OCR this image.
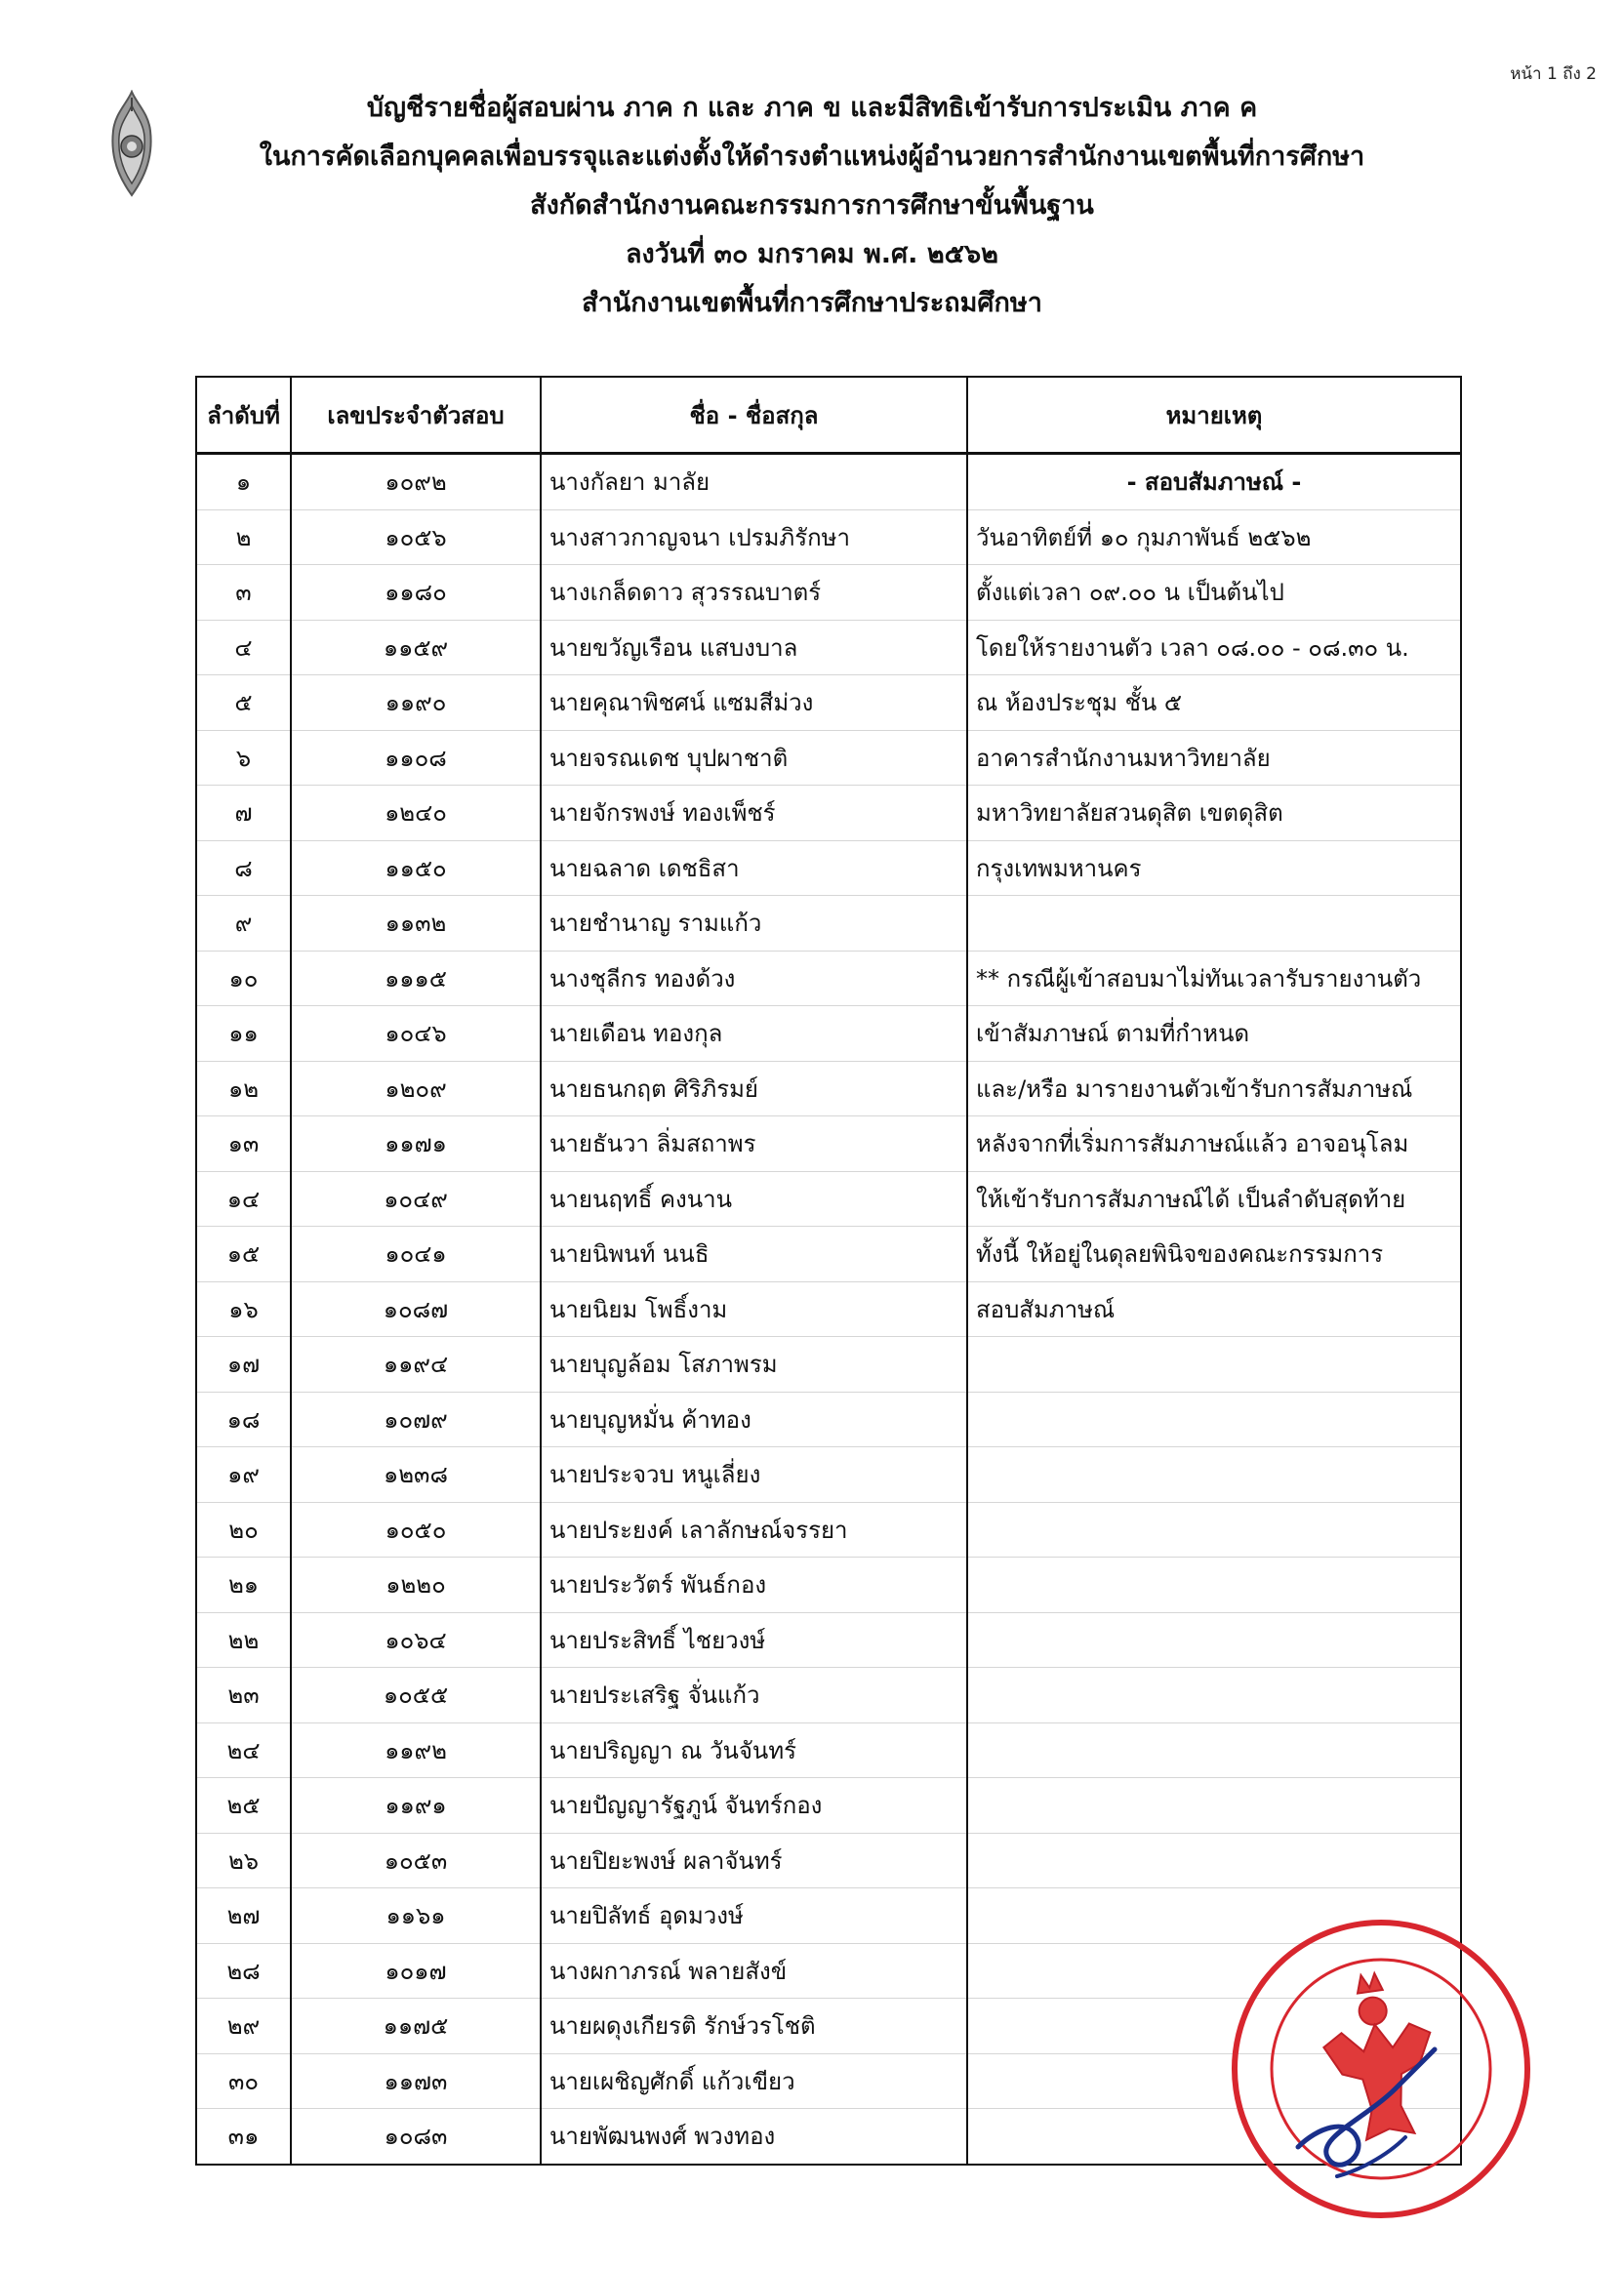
หน้า 1 ถึง 2
บัญชีรายชื่อผู้สอบผ่าน ภาค ก และ ภาค ข และมีสิทธิเข้ารับการประเมิน ภาค ค
ในการคัดเลือกบุคคลเพื่อบรรจุและแต่งตั้งให้ดำรงตำแหน่งผู้อำนวยการสำนักงานเขตพื้นที่การศึกษา
สังกัดสำนักงานคณะกรรมการการศึกษาขั้นพื้นฐาน
ลงวันที่ ๓๐ มกราคม พ.ศ. ๒๕๖๒
สำนักงานเขตพื้นที่การศึกษาประถมศึกษา
ลำดับที่	เลขประจำตัวสอบ	ชื่อ - ชื่อสกุล	หมายเหตุ
๑	๑๐๙๒	นางกัลยา มาลัย	- สอบสัมภาษณ์ -
๒	๑๐๕๖	นางสาวกาญจนา เปรมภิรักษา	วันอาทิตย์ที่ ๑๐ กุมภาพันธ์ ๒๕๖๒
๓	๑๑๘๐	นางเกล็ดดาว สุวรรณบาตร์	ตั้งแต่เวลา ๐๙.๐๐ น เป็นต้นไป
๔	๑๑๕๙	นายขวัญเรือน แสบงบาล	โดยให้รายงานตัว เวลา ๐๘.๐๐ - ๐๘.๓๐ น.
๕	๑๑๙๐	นายคุณาพิชศน์ แซมสีม่วง	ณ ห้องประชุม ชั้น ๕
๖	๑๑๐๘	นายจรณเดช บุปผาชาติ	อาคารสำนักงานมหาวิทยาลัย
๗	๑๒๔๐	นายจักรพงษ์ ทองเพ็ชร์	มหาวิทยาลัยสวนดุสิต เขตดุสิต
๘	๑๑๕๐	นายฉลาด เดชธิสา	กรุงเทพมหานคร
๙	๑๑๓๒	นายชำนาญ รามแก้ว	
๑๐	๑๑๑๕	นางชุลีกร ทองด้วง	** กรณีผู้เข้าสอบมาไม่ทันเวลารับรายงานตัว
๑๑	๑๐๔๖	นายเดือน ทองกุล	เข้าสัมภาษณ์ ตามที่กำหนด
๑๒	๑๒๐๙	นายธนกฤต ศิริภิรมย์	และ/หรือ มารายงานตัวเข้ารับการสัมภาษณ์
๑๓	๑๑๗๑	นายธันวา ลิ่มสถาพร	หลังจากที่เริ่มการสัมภาษณ์แล้ว อาจอนุโลม
๑๔	๑๐๔๙	นายนฤทธิ์ คงนาน	ให้เข้ารับการสัมภาษณ์ได้ เป็นลำดับสุดท้าย
๑๕	๑๐๔๑	นายนิพนท์ นนธิ	ทั้งนี้ ให้อยู่ในดุลยพินิจของคณะกรรมการ
๑๖	๑๐๘๗	นายนิยม โพธิ์งาม	สอบสัมภาษณ์
๑๗	๑๑๙๔	นายบุญล้อม โสภาพรม	
๑๘	๑๐๗๙	นายบุญหมั่น ค้าทอง	
๑๙	๑๒๓๘	นายประจวบ หนูเลี่ยง	
๒๐	๑๐๕๐	นายประยงค์ เลาลักษณ์จรรยา	
๒๑	๑๒๒๐	นายประวัตร์ พันธ์กอง	
๒๒	๑๐๖๔	นายประสิทธิ์ ไชยวงษ์	
๒๓	๑๐๕๕	นายประเสริฐ จั่นแก้ว	
๒๔	๑๑๙๒	นายปริญญา ณ วันจันทร์	
๒๕	๑๑๙๑	นายปัญญารัฐภูน์ จันทร์กอง	
๒๖	๑๐๕๓	นายปิยะพงษ์ ผลาจันทร์	
๒๗	๑๑๖๑	นายปิลัทธ์ อุดมวงษ์	
๒๘	๑๐๑๗	นางผกาภรณ์ พลายสังข์	
๒๙	๑๑๗๕	นายผดุงเกียรติ รักษ์วรโชติ	
๓๐	๑๑๗๓	นายเผชิญศักดิ์ แก้วเขียว	
๓๑	๑๐๘๓	นายพัฒนพงศ์ พวงทอง	
